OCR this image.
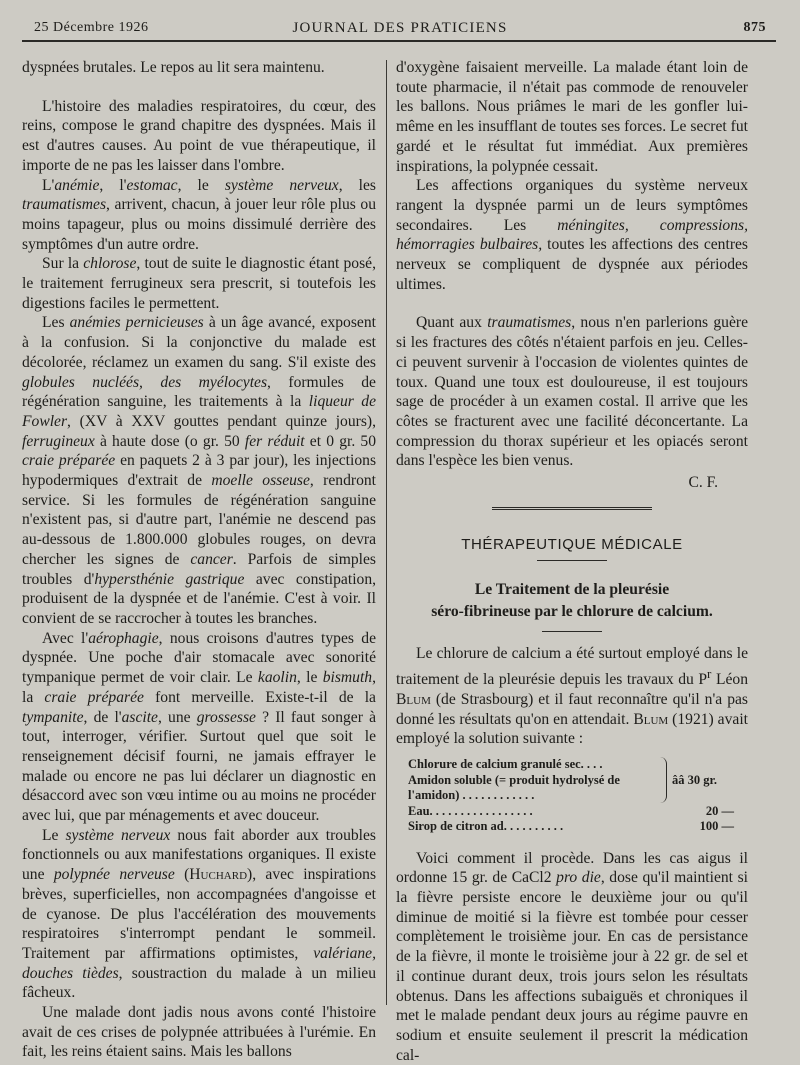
25 Décembre 1926	JOURNAL DES PRATICIENS	875

dyspnées brutales. Le repos au lit sera maintenu.

L'histoire des maladies respiratoires, du cœur, des reins, compose le grand chapitre des dyspnées. Mais il est d'autres causes. Au point de vue thérapeutique, il importe de ne pas les laisser dans l'ombre.

L'anémie, l'estomac, le système nerveux, les traumatismes, arrivent, chacun, à jouer leur rôle plus ou moins tapageur, plus ou moins dissimulé derrière des symptômes d'un autre ordre.

Sur la chlorose, tout de suite le diagnostic étant posé, le traitement ferrugineux sera prescrit, si toutefois les digestions faciles le permettent.

Les anémies pernicieuses à un âge avancé, exposent à la confusion. Si la conjonctive du malade est décolorée, réclamez un examen du sang. S'il existe des globules nucléés, des myélocytes, formules de régénération sanguine, les traitements à la liqueur de Fowler, (XV à XXV gouttes pendant quinze jours), ferrugineux à haute dose (o gr. 50 fer réduit et 0 gr. 50 craie préparée en paquets 2 à 3 par jour), les injections hypodermiques d'extrait de moelle osseuse, rendront service. Si les formules de régénération sanguine n'existent pas, si d'autre part, l'anémie ne descend pas au-dessous de 1.800.000 globules rouges, on devra chercher les signes de cancer. Parfois de simples troubles d'hypersthénie gastrique avec constipation, produisent de la dyspnée et de l'anémie. C'est à voir. Il convient de se raccrocher à toutes les branches.

Avec l'aérophagie, nous croisons d'autres types de dyspnée. Une poche d'air stomacale avec sonorité tympanique permet de voir clair. Le kaolin, le bismuth, la craie préparée font merveille. Existe-t-il de la tympanite, de l'ascite, une grossesse ? Il faut songer à tout, interroger, vérifier. Surtout quel que soit le renseignement décisif fourni, ne jamais effrayer le malade ou encore ne pas lui déclarer un diagnostic en désaccord avec son vœu intime ou au moins ne procéder avec lui, que par ménagements et avec douceur.

Le système nerveux nous fait aborder aux troubles fonctionnels ou aux manifestations organiques. Il existe une polypnée nerveuse (Huchard), avec inspirations brèves, superficielles, non accompagnées d'angoisse et de cyanose. De plus l'accélération des mouvements respiratoires s'interrompt pendant le sommeil. Traitement par affirmations optimistes, valériane, douches tièdes, soustraction du malade à un milieu fâcheux.

Une malade dont jadis nous avons conté l'histoire avait de ces crises de polypnée attribuées à l'urémie. En fait, les reins étaient sains. Mais les ballons

d'oxygène faisaient merveille. La malade étant loin de toute pharmacie, il n'était pas commode de renouveler les ballons. Nous priâmes le mari de les gonfler lui-même en les insufflant de toutes ses forces. Le secret fut gardé et le résultat fut immédiat. Aux premières inspirations, la polypnée cessait.

Les affections organiques du système nerveux rangent la dyspnée parmi un de leurs symptômes secondaires. Les méningites, compressions, hémorragies bulbaires, toutes les affections des centres nerveux se compliquent de dyspnée aux périodes ultimes.

Quant aux traumatismes, nous n'en parlerions guère si les fractures des côtés n'étaient parfois en jeu. Celles-ci peuvent survenir à l'occasion de violentes quintes de toux. Quand une toux est douloureuse, il est toujours sage de procéder à un examen costal. Il arrive que les côtes se fracturent avec une facilité déconcertante. La compression du thorax supérieur et les opiacés seront dans l'espèce les bien venus.

C. F.
THÉRAPEUTIQUE MÉDICALE
Le Traitement de la pleurésie
séro-fibrineuse par le chlorure de calcium.

Le chlorure de calcium a été surtout employé dans le traitement de la pleurésie depuis les travaux du $P^r$ Léon Blum (de Strasbourg) et il faut reconnaître qu'il n'a pas donné les résultats qu'on en attendait. Blum (1921) avait employé la solution suivante :

Chlorure de calcium granulé sec. . . .
Amidon soluble (= produit hydrolysé de
l'amidon) . . . . . . . . . . . .
ââ 30 gr.
Eau. . . . . . . . . . . . . . . . .	20 —
Sirop de citron ad. . . . . . . . . .	100 —

Voici comment il procède. Dans les cas aigus il ordonne 15 gr. de CaCl2 pro die, dose qu'il maintient si la fièvre persiste encore le deuxième jour ou qu'il diminue de moitié si la fièvre est tombée pour cesser complètement le troisième jour. En cas de persistance de la fièvre, il monte le troisième jour à 22 gr. de sel et il continue durant deux, trois jours selon les résultats obtenus. Dans les affections subaiguës et chroniques il met le malade pendant deux jours au régime pauvre en sodium et ensuite seulement il prescrit la médication cal-
